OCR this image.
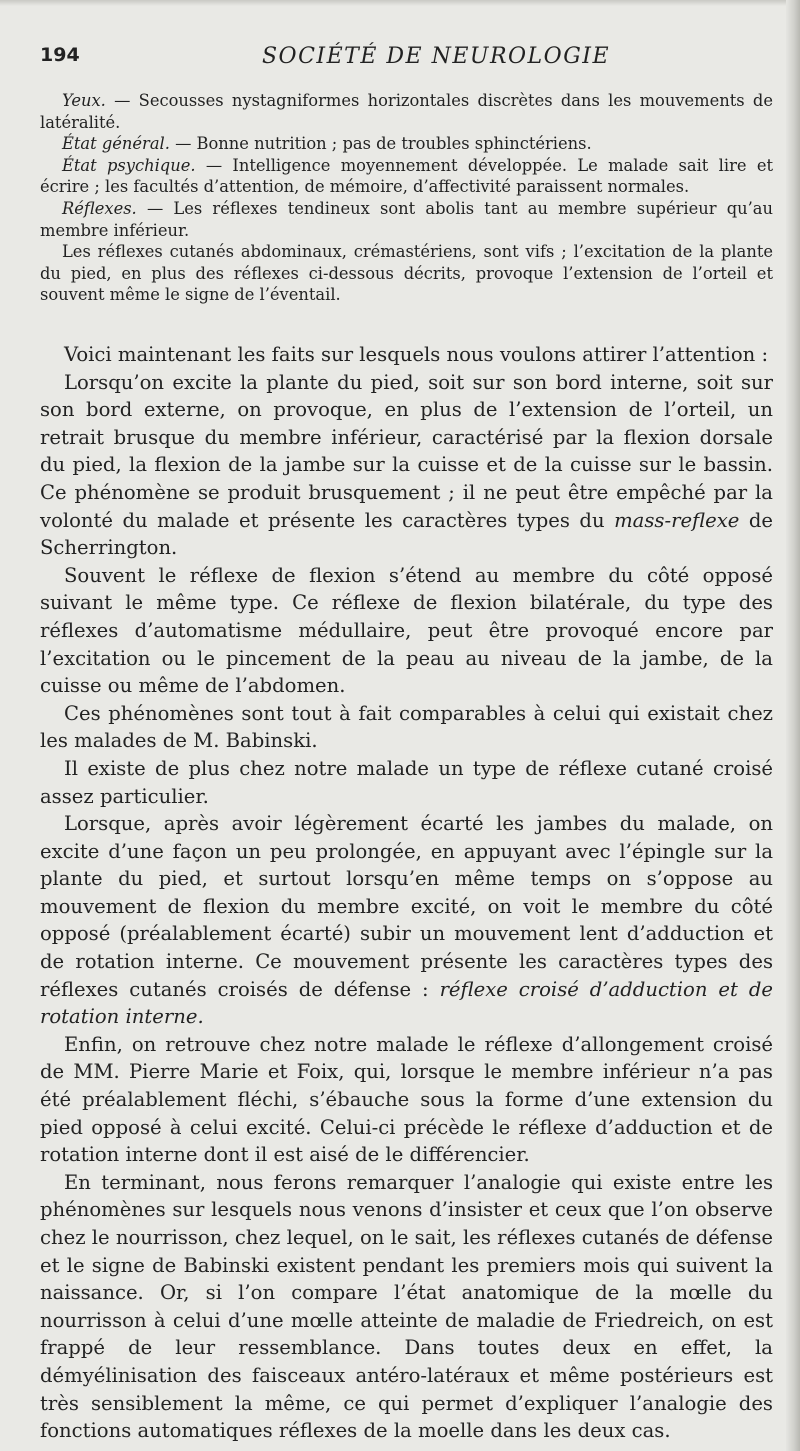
194	SOCIÉTÉ DE NEUROLOGIE

Yeux. — Secousses nystagniformes horizontales discrètes dans les mouvements de latéralité.

État général. — Bonne nutrition ; pas de troubles sphinctériens.

État psychique. — Intelligence moyennement développée. Le malade sait lire et écrire ; les facultés d’attention, de mémoire, d’affectivité paraissent normales.

Réflexes. — Les réflexes tendineux sont abolis tant au membre supérieur qu’au membre inférieur.

Les réflexes cutanés abdominaux, crémastériens, sont vifs ; l’excitation de la plante du pied, en plus des réflexes ci-dessous décrits, provoque l’extension de l’orteil et souvent même le signe de l’éventail.

Voici maintenant les faits sur lesquels nous voulons attirer l’attention :

Lorsqu’on excite la plante du pied, soit sur son bord interne, soit sur son bord externe, on provoque, en plus de l’extension de l’orteil, un retrait brusque du membre inférieur, caractérisé par la flexion dorsale du pied, la flexion de la jambe sur la cuisse et de la cuisse sur le bassin. Ce phénomène se produit brusquement ; il ne peut être empêché par la volonté du malade et présente les caractères types du mass-reflexe de Scherrington.

Souvent le réflexe de flexion s’étend au membre du côté opposé suivant le même type. Ce réflexe de flexion bilatérale, du type des réflexes d’automatisme médullaire, peut être provoqué encore par l’excitation ou le pincement de la peau au niveau de la jambe, de la cuisse ou même de l’abdomen.

Ces phénomènes sont tout à fait comparables à celui qui existait chez les malades de M. Babinski.

Il existe de plus chez notre malade un type de réflexe cutané croisé assez particulier.

Lorsque, après avoir légèrement écarté les jambes du malade, on excite d’une façon un peu prolongée, en appuyant avec l’épingle sur la plante du pied, et surtout lorsqu’en même temps on s’oppose au mouvement de flexion du membre excité, on voit le membre du côté opposé (préalablement écarté) subir un mouvement lent d’adduction et de rotation interne. Ce mouvement présente les caractères types des réflexes cutanés croisés de défense : réflexe croisé d’adduction et de rotation interne.

Enfin, on retrouve chez notre malade le réflexe d’allongement croisé de MM. Pierre Marie et Foix, qui, lorsque le membre inférieur n’a pas été préalablement fléchi, s’ébauche sous la forme d’une extension du pied opposé à celui excité. Celui-ci précède le réflexe d’adduction et de rotation interne dont il est aisé de le différencier.

En terminant, nous ferons remarquer l’analogie qui existe entre les phénomènes sur lesquels nous venons d’insister et ceux que l’on observe chez le nourrisson, chez lequel, on le sait, les réflexes cutanés de défense et le signe de Babinski existent pendant les premiers mois qui suivent la naissance. Or, si l’on compare l’état anatomique de la mœlle du nourrisson à celui d’une mœlle atteinte de maladie de Friedreich, on est frappé de leur ressemblance. Dans toutes deux en effet, la démyélinisation des faisceaux antéro-latéraux et même postérieurs est très sensiblement la même, ce qui permet d’expliquer l’analogie des fonctions automatiques réflexes de la moelle dans les deux cas.
